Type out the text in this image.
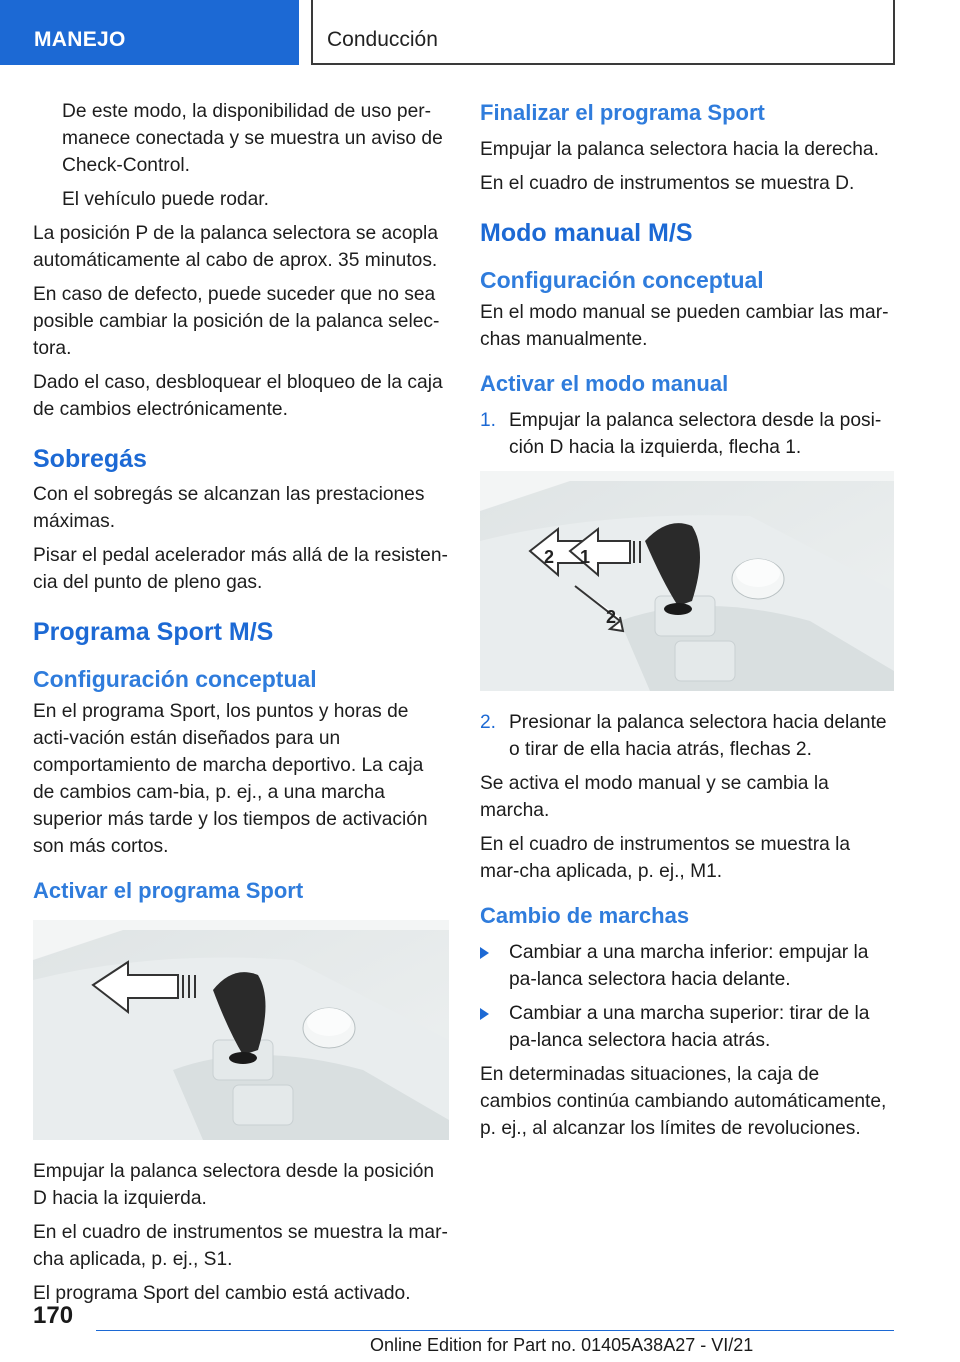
MANEJO	Conducción

De este modo, la disponibilidad de uso per-manece conectada y se muestra un aviso de Check-Control.

El vehículo puede rodar.

La posición P de la palanca selectora se acopla automáticamente al cabo de aprox. 35 minutos.

En caso de defecto, puede suceder que no sea posible cambiar la posición de la palanca selec-tora.

Dado el caso, desbloquear el bloqueo de la caja de cambios electrónicamente.

Sobregás

Con el sobregás se alcanzan las prestaciones máximas.

Pisar el pedal acelerador más allá de la resisten-cia del punto de pleno gas.

Programa Sport M/S
Configuración conceptual

En el programa Sport, los puntos y horas de acti-vación están diseñados para un comportamiento de marcha deportivo. La caja de cambios cam-bia, p. ej., a una marcha superior más tarde y los tiempos de activación son más cortos.

Activar el programa Sport

Empujar la palanca selectora desde la posición D hacia la izquierda.

En el cuadro de instrumentos se muestra la mar-cha aplicada, p. ej., S1.

El programa Sport del cambio está activado.

Finalizar el programa Sport

Empujar la palanca selectora hacia la derecha.

En el cuadro de instrumentos se muestra D.

Modo manual M/S
Configuración conceptual

En el modo manual se pueden cambiar las mar-chas manualmente.

Activar el modo manual
1. Empujar la palanca selectora desde la posi-ción D hacia la izquierda, flecha 1.
2 1
2
2. Presionar la palanca selectora hacia delante o tirar de ella hacia atrás, flechas 2.

Se activa el modo manual y se cambia la marcha.

En el cuadro de instrumentos se muestra la mar-cha aplicada, p. ej., M1.

Cambio de marchas
Cambiar a una marcha inferior: empujar la pa-lanca selectora hacia delante.
Cambiar a una marcha superior: tirar de la pa-lanca selectora hacia atrás.

En determinadas situaciones, la caja de cambios continúa cambiando automáticamente, p. ej., al alcanzar los límites de revoluciones.

170
Online Edition for Part no. 01405A38A27 - VI/21
